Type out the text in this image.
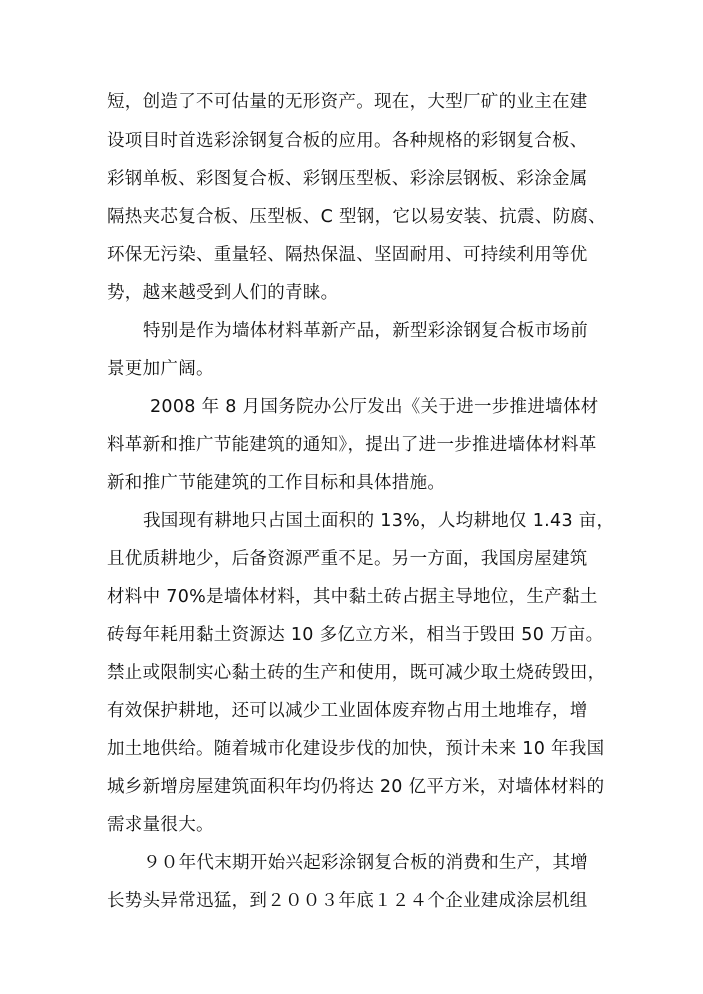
短，创造了不可估量的无形资产。现在，大型厂矿的业主在建
设项目时首选彩涂钢复合板的应用。各种规格的彩钢复合板、
彩钢单板、彩图复合板、彩钢压型板、彩涂层钢板、彩涂金属
隔热夹芯复合板、压型板、C 型钢，它以易安装、抗震、防腐、
环保无污染、重量轻、隔热保温、坚固耐用、可持续利用等优
势，越来越受到人们的青睐。
特别是作为墙体材料革新产品，新型彩涂钢复合板市场前
景更加广阔。
2008 年 8 月国务院办公厅发出《关于进一步推进墙体材
料革新和推广节能建筑的通知》，提出了进一步推进墙体材料革
新和推广节能建筑的工作目标和具体措施。
我国现有耕地只占国土面积的 13%，人均耕地仅 1.43 亩，
且优质耕地少，后备资源严重不足。另一方面，我国房屋建筑
材料中 70%是墙体材料，其中黏土砖占据主导地位，生产黏土
砖每年耗用黏土资源达 10 多亿立方米，相当于毁田 50 万亩。
禁止或限制实心黏土砖的生产和使用，既可减少取土烧砖毁田，
有效保护耕地，还可以减少工业固体废弃物占用土地堆存，增
加土地供给。随着城市化建设步伐的加快，预计未来 10 年我国
城乡新增房屋建筑面积年均仍将达 20 亿平方米，对墙体材料的
需求量很大。
９０年代末期开始兴起彩涂钢复合板的消费和生产，其增
长势头异常迅猛，到２００３年底１２４个企业建成涂层机组
